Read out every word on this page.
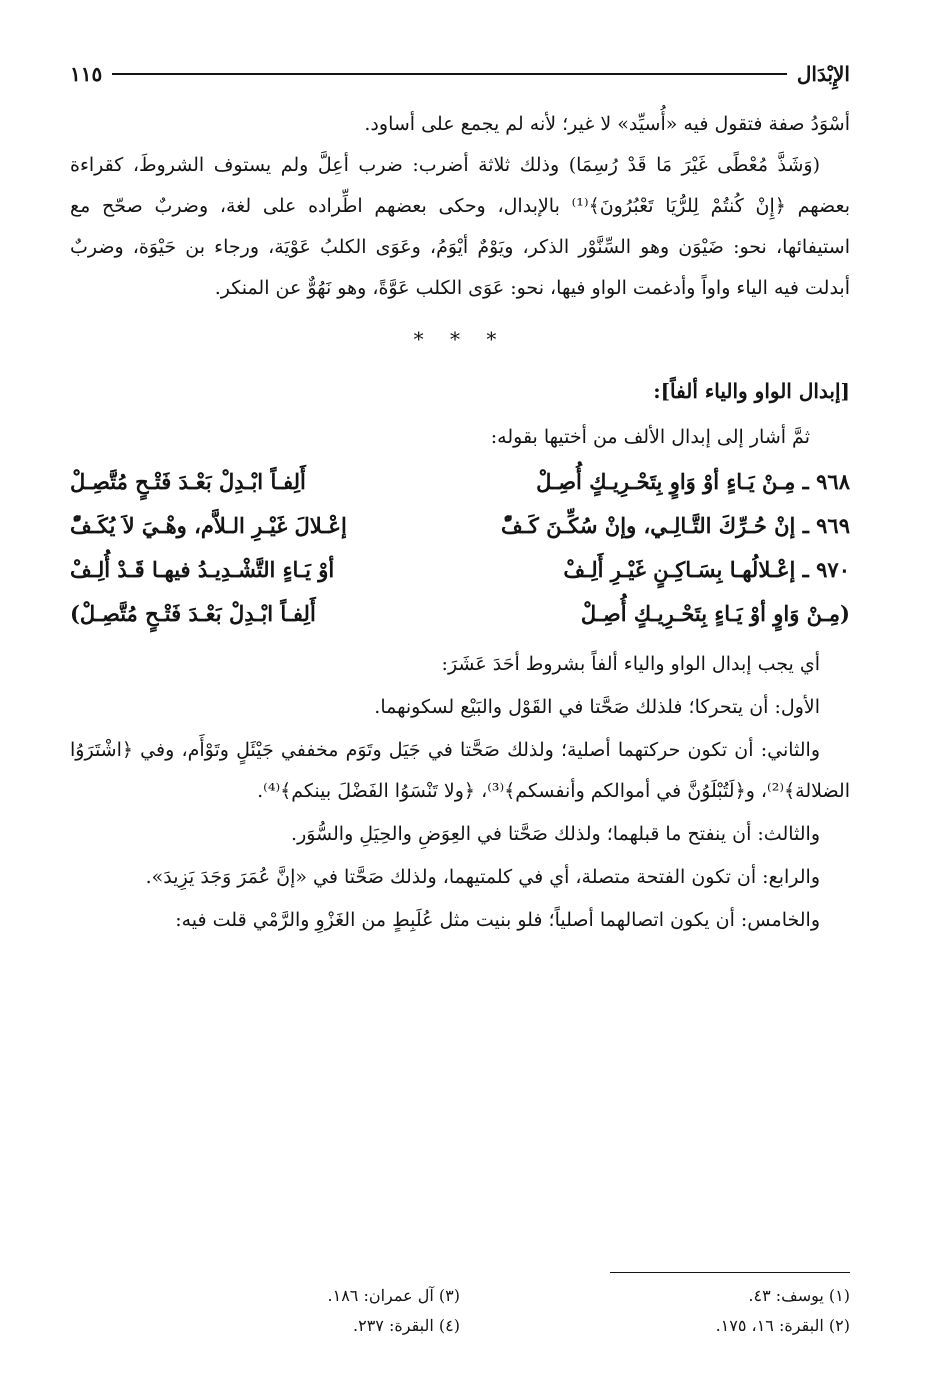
الإِبْدَال
١١٥

أسْوَدُ صفة فتقول فيه «أُسيِّد» لا غير؛ لأنه لم يجمع على أساود.

(وَشَذَّ مُعْطًى غَيْرَ مَا قَدْ رُسِمَا) وذلك ثلاثة أضرب: ضرب أعِلَّ ولم يستوف الشروطَ، كقراءة بعضهم ﴿إِنْ كُنتُمْ لِلرُّيَا تَعْبُرُونَ﴾⁽¹⁾ بالإبدال، وحكى بعضهم اطِّراده على لغة، وضربٌ صحّح مع استيفائها، نحو: ضَيْوَن وهو السِّنَّوْر الذكر، ويَوْمٌ أيْوَمُ، وعَوَى الكلبُ عَوْيَة، ورجاء بن حَيْوَة، وضربٌ أبدلت فيه الياء واواً وأدغمت الواو فيها، نحو: عَوَى الكلب عَوَّةً، وهو نَهُوٌّ عن المنكر.

* * *
[إبدال الواو والياء ألفاً]:

ثمَّ أشار إلى إبدال الألف من أختيها بقوله:

٩٦٨ ـ مِـنْ يَـاءٍ أوْ وَاوٍ بِتَحْـرِيـكٍ أُصِـلْ
أَلِفـاً ابْـدِلْ بَعْـدَ فَتْـحٍ مُتَّصِـلْ
٩٦٩ ـ إنْ حُـرِّكَ التَّـالِـي، وإنْ سُكِّـنَ كَـفّْ
إعْـلالَ غَيْـرِ الـلاَّم، وهْـيَ لاَ يُكَـفّْ
٩٧٠ ـ إعْـلالُهـا بِسَـاكِـنٍ غَيْـرِ أَلِـفْ
أوْ يَـاءٍ التَّشْـدِيـدُ فيهـا قَـدْ أُلِـفْ
(مِـنْ وَاوٍ أوْ يَـاءٍ بِتَحْـرِيـكٍ أُصِـلْ
أَلِفـاً ابْـدِلْ بَعْـدَ فَتْـحٍ مُتَّصِـلْ)

أي يجب إبدال الواو والياء ألفاً بشروط أحَدَ عَشَرَ:

الأول: أن يتحركا؛ فلذلك صَحَّتا في القَوْل والبَيْع لسكونهما.

والثاني: أن تكون حركتهما أصلية؛ ولذلك صَحَّتا في جَيَل وتَوَم مخففي جَيْئَلٍ وتَوْأَم، وفي ﴿اشْتَرَوُا الضلالة﴾⁽²⁾، و﴿لَتُبْلَوُنَّ في أموالكم وأنفسكم﴾⁽³⁾، ﴿ولا تَنْسَوُا الفَضْلَ بينكم﴾⁽⁴⁾.

والثالث: أن ينفتح ما قبلهما؛ ولذلك صَحَّتا في العِوَضِ والحِيَلِ والسُّوَر.

والرابع: أن تكون الفتحة متصلة، أي في كلمتيهما، ولذلك صَحَّتا في «إنَّ عُمَرَ وَجَدَ يَزِيدَ».

والخامس: أن يكون اتصالهما أصلياً؛ فلو بنيت مثل عُلَبِطٍ من الغَزْوِ والرَّمْي قلت فيه:

(١) يوسف: ٤٣.
(٢) البقرة: ١٦، ١٧٥.
(٣) آل عمران: ١٨٦.
(٤) البقرة: ٢٣٧.
